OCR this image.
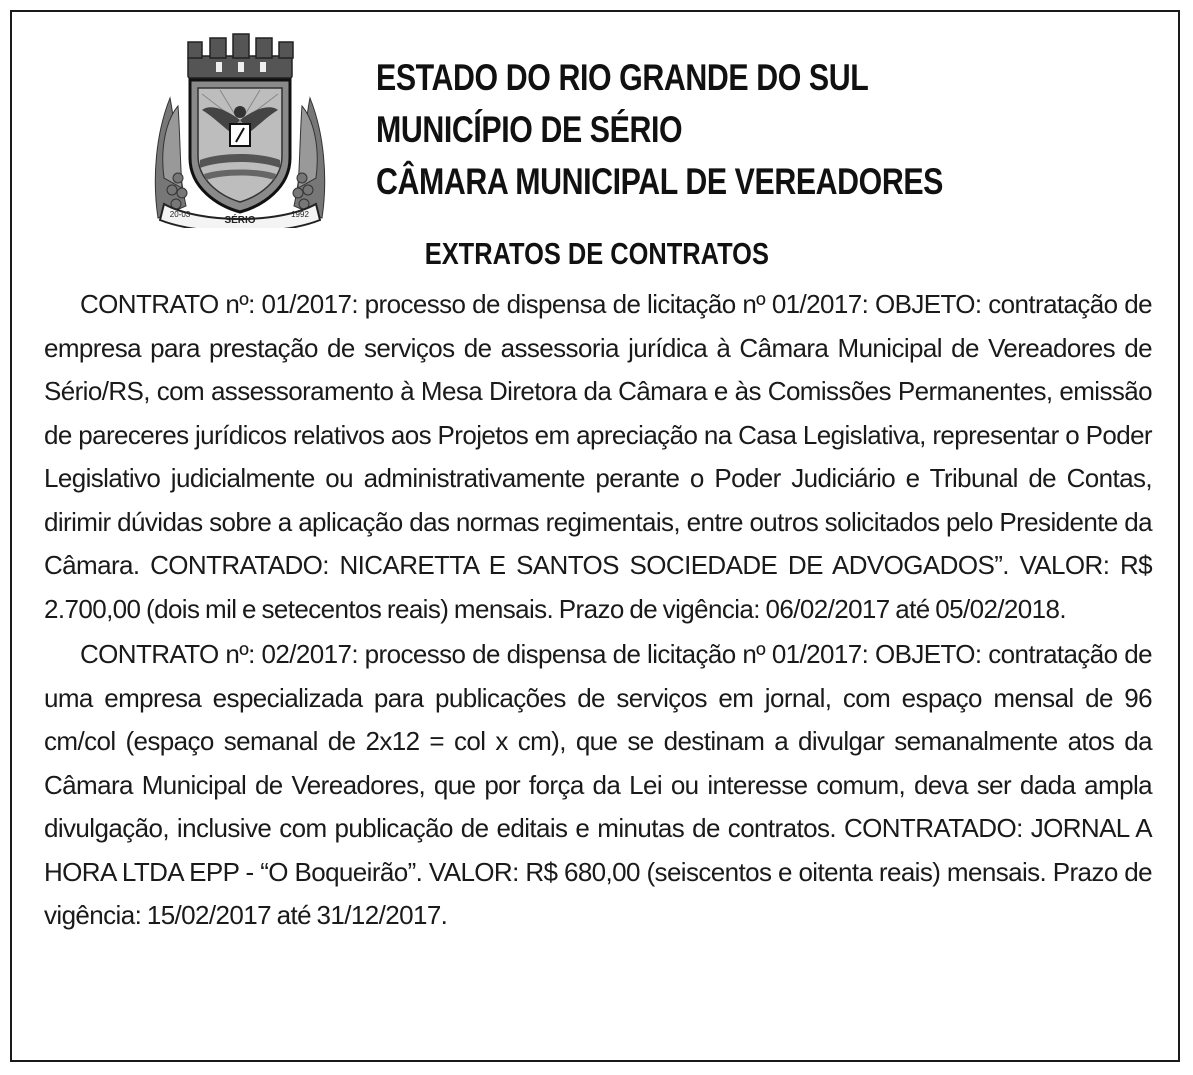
SÉRIO
20-03	1992
ESTADO DO RIO GRANDE DO SUL
MUNICÍPIO DE SÉRIO
CÂMARA MUNICIPAL DE VEREADORES
EXTRATOS DE CONTRATOS

CONTRATO nº: 01/2017: processo de dispensa de licitação nº 01/2017: OBJETO: contratação de empresa para prestação de serviços de assessoria jurídica à Câmara Municipal de Vereadores de Sério/RS, com assessoramento à Mesa Diretora da Câmara e às Comissões Permanentes, emissão de pareceres jurídicos relativos aos Projetos em apreciação na Casa Legislativa, representar o Poder Legislativo judicialmente ou administrativamente perante o Poder Judiciário e Tribunal de Contas, dirimir dúvidas sobre a aplicação das normas regimentais, entre outros solicitados pelo Presidente da Câmara. CONTRATADO: NICARETTA E SANTOS SOCIEDADE DE ADVOGADOS”. VALOR: R$ 2.700,00 (dois mil e setecentos reais) mensais. Prazo de vigência: 06/02/2017 até 05/02/2018.

CONTRATO nº: 02/2017: processo de dispensa de licitação nº 01/2017: OBJETO: contratação de uma empresa especializada para publicações de serviços em jornal, com espaço mensal de 96 cm/col (espaço semanal de 2x12 = col x cm), que se destinam a divulgar semanalmente atos da Câmara Municipal de Vereadores, que por força da Lei ou interesse comum, deva ser dada ampla divulgação, inclusive com publicação de editais e minutas de contratos. CONTRATADO: JORNAL A HORA LTDA EPP - “O Boqueirão”. VALOR: R$ 680,00 (seiscentos e oitenta reais) mensais. Prazo de vigência: 15/02/2017 até 31/12/2017.
